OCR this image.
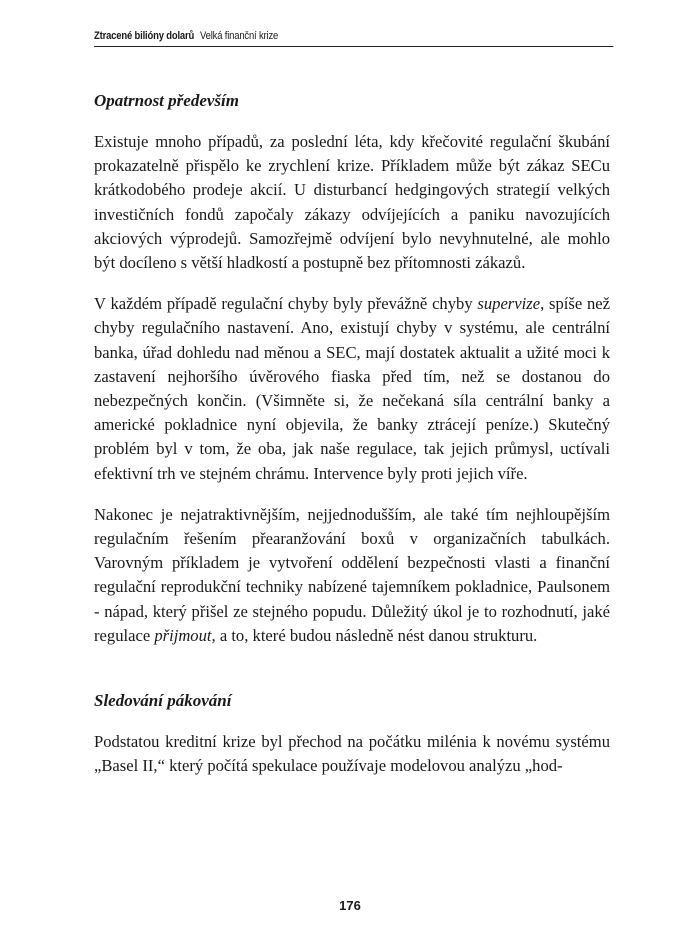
Ztracené bilióny dolarů Velká finanční krize
Opatrnost především

Existuje mnoho případů, za poslední léta, kdy křečovité regulační škubání prokazatelně přispělo ke zrychlení krize. Příkladem může být zákaz SECu krátkodobého prodeje akcií. U disturbancí hedgingových strategií velkých investičních fondů započaly zákazy odvíjejících a paniku navozujících akciových výprodejů. Samozřejmě odvíjení bylo nevyhnutelné, ale mohlo být docíleno s větší hladkostí a postupně bez přítomnosti zákazů.

V každém případě regulační chyby byly převážně chyby supervize, spíše než chyby regulačního nastavení. Ano, existují chyby v systému, ale centrální banka, úřad dohledu nad měnou a SEC, mají dostatek aktualit a užité moci k zastavení nejhoršího úvěrového fiaska před tím, než se dostanou do nebezpečných končin. (Všimněte si, že nečekaná síla centrální banky a americké pokladnice nyní objevila, že banky ztrácejí peníze.) Skutečný problém byl v tom, že oba, jak naše regulace, tak jejich průmysl, uctívali efektivní trh ve stejném chrámu. Intervence byly proti jejich víře.

Nakonec je nejatraktivnějším, nejjednodušším, ale také tím nejhloupějším regulačním řešením přearanžování boxů v organizačních tabulkách. Varovným příkladem je vytvoření oddělení bezpečnosti vlasti a finanční regulační reprodukční techniky nabízené tajemníkem pokladnice, Paulsonem - nápad, který přišel ze stejného popudu. Důležitý úkol je to rozhodnutí, jaké regulace přijmout, a to, které budou následně nést danou strukturu.

Sledování pákování

Podstatou kreditní krize byl přechod na počátku milénia k novému systému „Basel II,“ který počítá spekulace používaje modelovou analýzu „hod-

176
